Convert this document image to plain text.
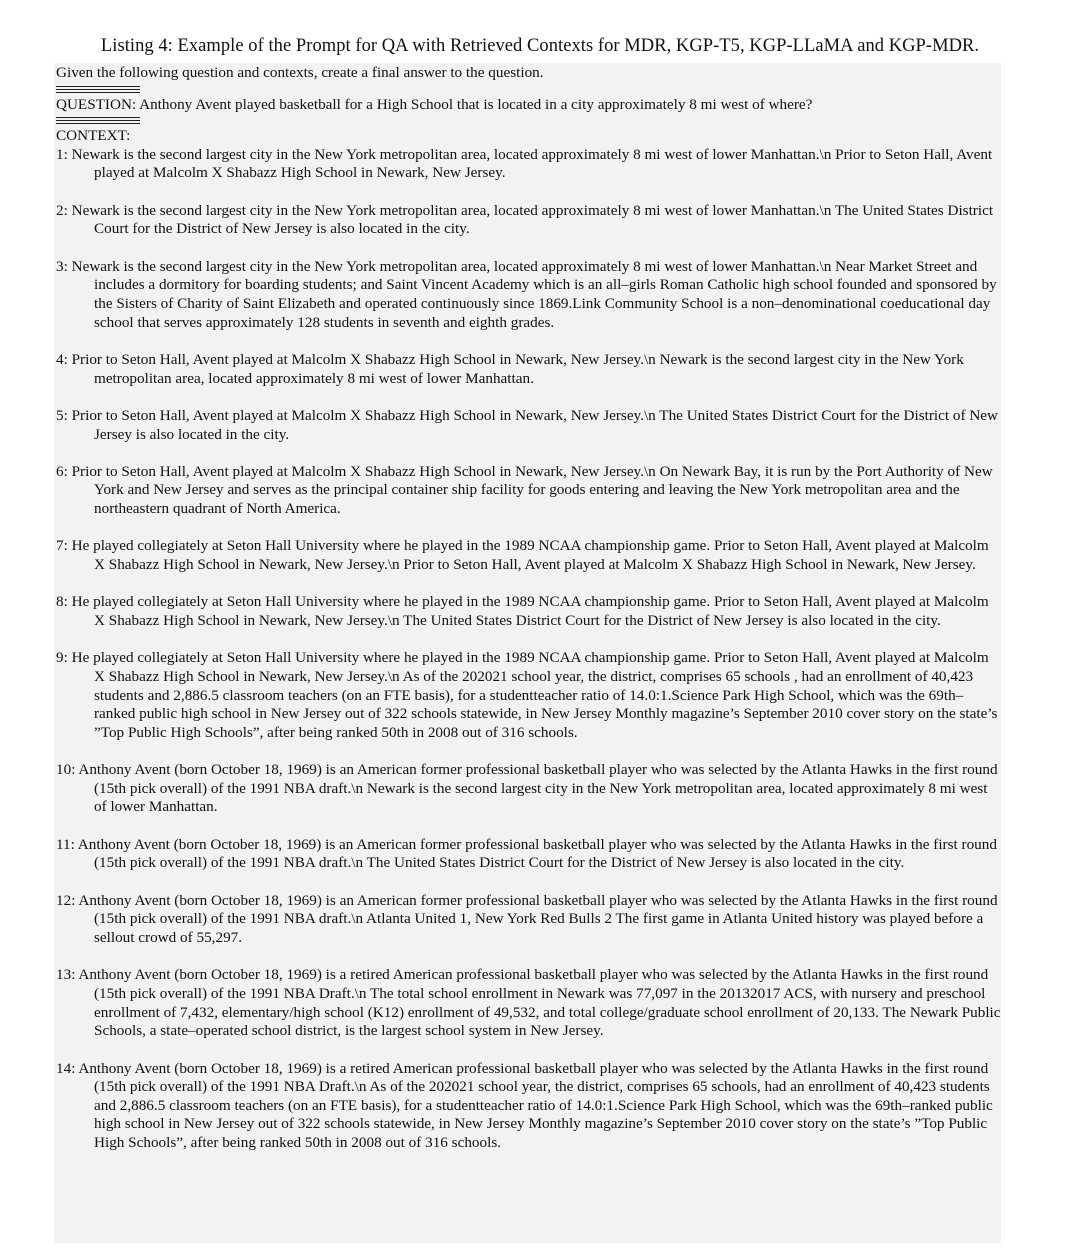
Listing 4: Example of the Prompt for QA with Retrieved Contexts for MDR, KGP-T5, KGP-LLaMA and KGP-MDR.
Given the following question and contexts, create a final answer to the question.
QUESTION: Anthony Avent played basketball for a High School that is located in a city approximately 8 mi west of where?
CONTEXT:
1: Newark is the second largest city in the New York metropolitan area, located approximately 8 mi west of lower Manhattan.\n Prior to Seton Hall, Avent played at Malcolm X Shabazz High School in Newark, New Jersey.
2: Newark is the second largest city in the New York metropolitan area, located approximately 8 mi west of lower Manhattan.\n The United States District Court for the District of New Jersey is also located in the city.
3: Newark is the second largest city in the New York metropolitan area, located approximately 8 mi west of lower Manhattan.\n Near Market Street and includes a dormitory for boarding students; and Saint Vincent Academy which is an all–girls Roman Catholic high school founded and sponsored by the Sisters of Charity of Saint Elizabeth and operated continuously since 1869.Link Community School is a non–denominational coeducational day school that serves approximately 128 students in seventh and eighth grades.
4: Prior to Seton Hall, Avent played at Malcolm X Shabazz High School in Newark, New Jersey.\n Newark is the second largest city in the New York metropolitan area, located approximately 8 mi west of lower Manhattan.
5: Prior to Seton Hall, Avent played at Malcolm X Shabazz High School in Newark, New Jersey.\n The United States District Court for the District of New Jersey is also located in the city.
6: Prior to Seton Hall, Avent played at Malcolm X Shabazz High School in Newark, New Jersey.\n On Newark Bay, it is run by the Port Authority of New York and New Jersey and serves as the principal container ship facility for goods entering and leaving the New York metropolitan area and the northeastern quadrant of North America.
7: He played collegiately at Seton Hall University where he played in the 1989 NCAA championship game. Prior to Seton Hall, Avent played at Malcolm X Shabazz High School in Newark, New Jersey.\n Prior to Seton Hall, Avent played at Malcolm X Shabazz High School in Newark, New Jersey.
8: He played collegiately at Seton Hall University where he played in the 1989 NCAA championship game. Prior to Seton Hall, Avent played at Malcolm X Shabazz High School in Newark, New Jersey.\n The United States District Court for the District of New Jersey is also located in the city.
9: He played collegiately at Seton Hall University where he played in the 1989 NCAA championship game. Prior to Seton Hall, Avent played at Malcolm X Shabazz High School in Newark, New Jersey.\n As of the 202021 school year, the district, comprises 65 schools , had an enrollment of 40,423 students and 2,886.5 classroom teachers (on an FTE basis), for a studentteacher ratio of 14.0:1.Science Park High School, which was the 69th–ranked public high school in New Jersey out of 322 schools statewide, in New Jersey Monthly magazine’s September 2010 cover story on the state’s ”Top Public High Schools”, after being ranked 50th in 2008 out of 316 schools.
10: Anthony Avent (born October 18, 1969) is an American former professional basketball player who was selected by the Atlanta Hawks in the first round (15th pick overall) of the 1991 NBA draft.\n Newark is the second largest city in the New York metropolitan area, located approximately 8 mi west of lower Manhattan.
11: Anthony Avent (born October 18, 1969) is an American former professional basketball player who was selected by the Atlanta Hawks in the first round (15th pick overall) of the 1991 NBA draft.\n The United States District Court for the District of New Jersey is also located in the city.
12: Anthony Avent (born October 18, 1969) is an American former professional basketball player who was selected by the Atlanta Hawks in the first round (15th pick overall) of the 1991 NBA draft.\n Atlanta United 1, New York Red Bulls 2 The first game in Atlanta United history was played before a sellout crowd of 55,297.
13: Anthony Avent (born October 18, 1969) is a retired American professional basketball player who was selected by the Atlanta Hawks in the first round (15th pick overall) of the 1991 NBA Draft.\n The total school enrollment in Newark was 77,097 in the 20132017 ACS, with nursery and preschool enrollment of 7,432, elementary/high school (K12) enrollment of 49,532, and total college/graduate school enrollment of 20,133. The Newark Public Schools, a state–operated school district, is the largest school system in New Jersey.
14: Anthony Avent (born October 18, 1969) is a retired American professional basketball player who was selected by the Atlanta Hawks in the first round (15th pick overall) of the 1991 NBA Draft.\n As of the 202021 school year, the district, comprises 65 schools, had an enrollment of 40,423 students and 2,886.5 classroom teachers (on an FTE basis), for a studentteacher ratio of 14.0:1.Science Park High School, which was the 69th–ranked public high school in New Jersey out of 322 schools statewide, in New Jersey Monthly magazine’s September 2010 cover story on the state’s ”Top Public High Schools”, after being ranked 50th in 2008 out of 316 schools.
